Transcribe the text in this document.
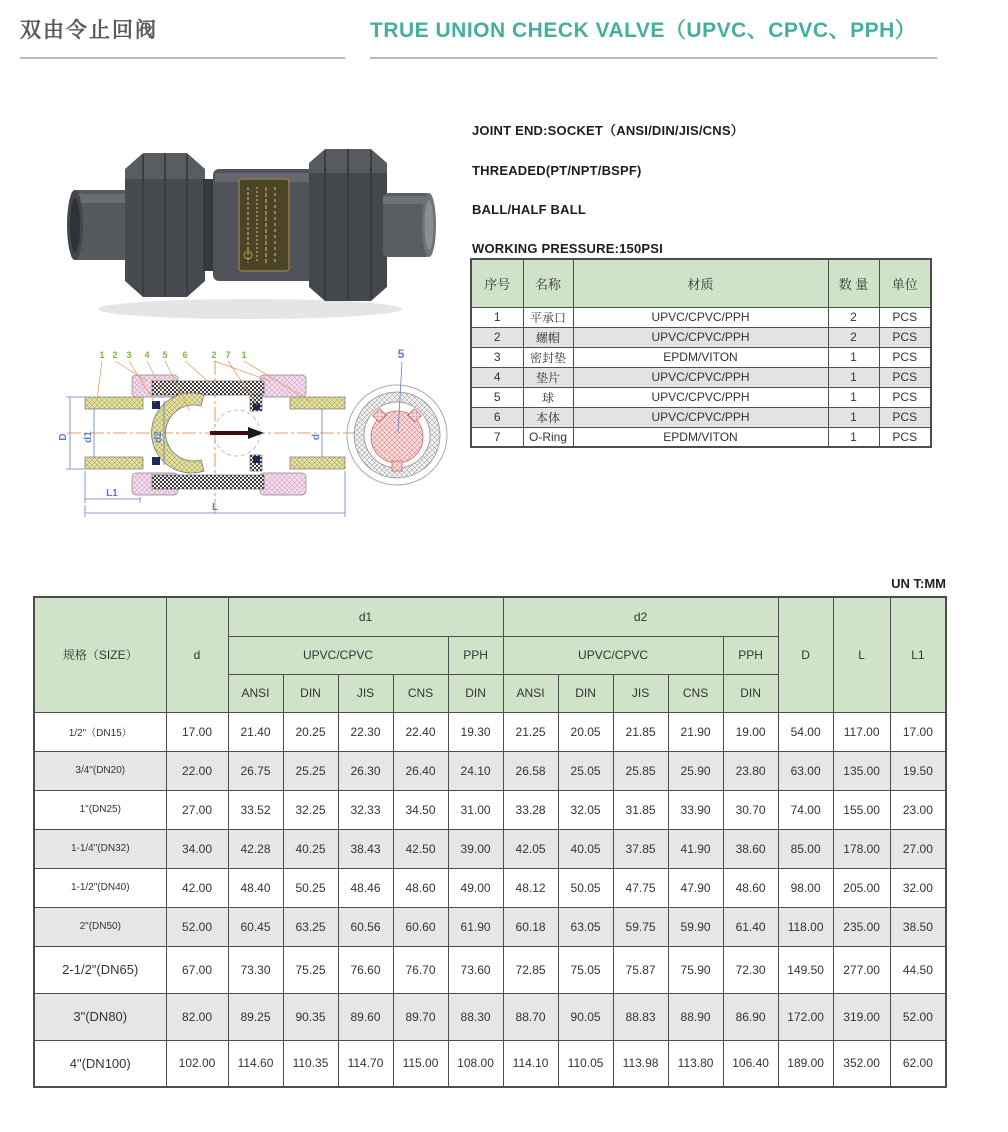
双由令止回阀	TRUE UNION CHECK VALVE（UPVC、CPVC、PPH）
JOINT END:SOCKET（ANSI/DIN/JIS/CNS）
THREADED(PT/NPT/BSPF)
BALL/HALF BALL
WORKING PRESSURE:150PSI
序号	名称	材质	数 量	单位
1	平承口	UPVC/CPVC/PPH	2	PCS
2	螺帽	UPVC/CPVC/PPH	2	PCS
3	密封垫	EPDM/VITON	1	PCS
4	垫片	UPVC/CPVC/PPH	1	PCS
5	球	UPVC/CPVC/PPH	1	PCS
6	本体	UPVC/CPVC/PPH	1	PCS
7	O-Ring	EPDM/VITON	1	PCS
D d1	d2	d
L1
L
1 2 3 4 5 6	2 7 1	5
UN T:MM
规格（SIZE）	d	d1					d2					D	L	L1
		UPVC/CPVC				PPH	UPVC/CPVC				PPH			
		ANSI	DIN	JIS	CNS	DIN	ANSI	DIN	JIS	CNS	DIN			
1/2"（DN15）	17.00	21.40	20.25	22.30	22.40	19.30	21.25	20.05	21.85	21.90	19.00	54.00	117.00	17.00
3/4"(DN20)	22.00	26.75	25.25	26.30	26.40	24.10	26.58	25.05	25.85	25.90	23.80	63.00	135.00	19.50
1"(DN25)	27.00	33.52	32.25	32.33	34.50	31.00	33.28	32.05	31.85	33.90	30.70	74.00	155.00	23.00
1-1/4"(DN32)	34.00	42.28	40.25	38.43	42.50	39.00	42.05	40.05	37.85	41.90	38.60	85.00	178.00	27.00
1-1/2"(DN40)	42.00	48.40	50.25	48.46	48.60	49.00	48.12	50.05	47.75	47.90	48.60	98.00	205.00	32.00
2"(DN50)	52.00	60.45	63.25	60.56	60.60	61.90	60.18	63.05	59.75	59.90	61.40	118.00	235.00	38.50
2-1/2"(DN65)	67.00	73.30	75.25	76.60	76.70	73.60	72.85	75.05	75.87	75.90	72.30	149.50	277.00	44.50
3"(DN80)	82.00	89.25	90.35	89.60	89.70	88.30	88.70	90.05	88.83	88.90	86.90	172.00	319.00	52.00
4"(DN100)	102.00	114.60	110.35	114.70	115.00	108.00	114.10	110.05	113.98	113.80	106.40	189.00	352.00	62.00
